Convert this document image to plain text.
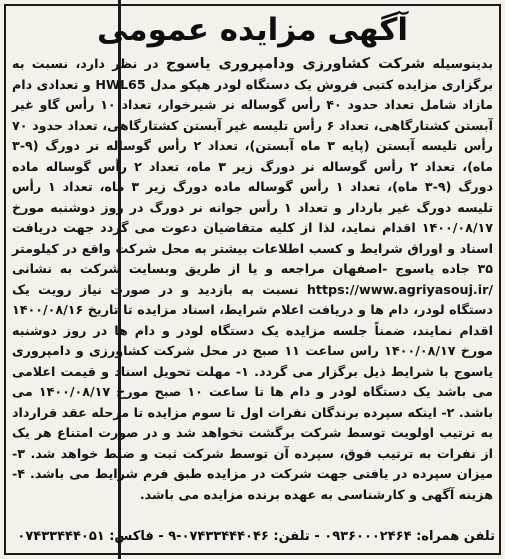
آگهی مزایده عمومی
بدینوسیله شرکت کشاورزی ودامپروری یاسوج در نظر دارد، نسبت به برگزاری مزایده کتبی فروش یک دستگاه لودر هپکو مدل HWL65 و تعدادی دام مازاد شامل تعداد حدود ۴۰ رأس گوساله نر شیرخوار، تعداد ۱۰ رأس گاو غیر آبستن کشتارگاهی، تعداد ۶ رأس تلیسه غیر آبستن کشتارگاهی، تعداد حدود ۷۰ رأس تلیسه آبستن (پایه ۳ ماه آبستن)، تعداد ۲ رأس گوساله نر دورگ (۹-۳ ماه)، تعداد ۲ رأس گوساله نر دورگ زیر ۳ ماه، تعداد ۲ رأس گوساله ماده دورگ (۹-۳ ماه)، تعداد ۱ رأس گوساله ماده دورگ زیر ۳ ماه، تعداد ۱ رأس تلیسه دورگ غیر باردار و تعداد ۱ رأس جوانه نر دورگ در روز دوشنبه مورخ ۱۴۰۰/۰۸/۱۷ اقدام نماید، لذا از کلیه متقاضیان دعوت می گردد جهت دریافت اسناد و اوراق شرایط و کسب اطلاعات بیشتر به محل شرکت واقع در کیلومتر ۳۵ جاده یاسوج -اصفهان مراجعه و یا از طریق وبسایت شرکت به نشانی https://www.agriyasouj.ir/ نسبت به بازدید و در صورت نیاز رویت یک دستگاه لودر، دام ها و دریافت اعلام شرایط، اسناد مزایده تا تاریخ ۱۴۰۰/۰۸/۱۶ اقدام نمایند، ضمناً جلسه مزایده یک دستگاه لودر و دام ها در روز دوشنبه مورخ ۱۴۰۰/۰۸/۱۷ راس ساعت ۱۱ صبح در محل شرکت کشاورزی و دامپروری یاسوج با شرایط ذیل برگزار می گردد. ۱- مهلت تحویل اسناد و قیمت اعلامی می باشد یک دستگاه لودر و دام ها تا ساعت ۱۰ صبح مورخ ۱۴۰۰/۰۸/۱۷ می باشد. ۲- اینکه سپرده برندگان نفرات اول تا سوم مزایده تا مرحله عقد قرارداد به ترتیب اولویت توسط شرکت برگشت نخواهد شد و در صورت امتناع هر یک از نفرات به ترتیب فوق، سپرده آن توسط شرکت ثبت و ضبط خواهد شد. ۳- میزان سپرده در یافتی جهت شرکت در مزایده طبق فرم شرایط می باشد. ۴- هزینه آگهی و کارشناسی به عهده برنده مزایده می باشد.
تلفن همراه: ۰۹۳۶۰۰۰۲۴۶۴ - تلفن: ۰۷۴۳۳۴۴۴۰۴۶-۹ - فاکس: ۰۷۴۳۳۴۴۴۰۵۱
